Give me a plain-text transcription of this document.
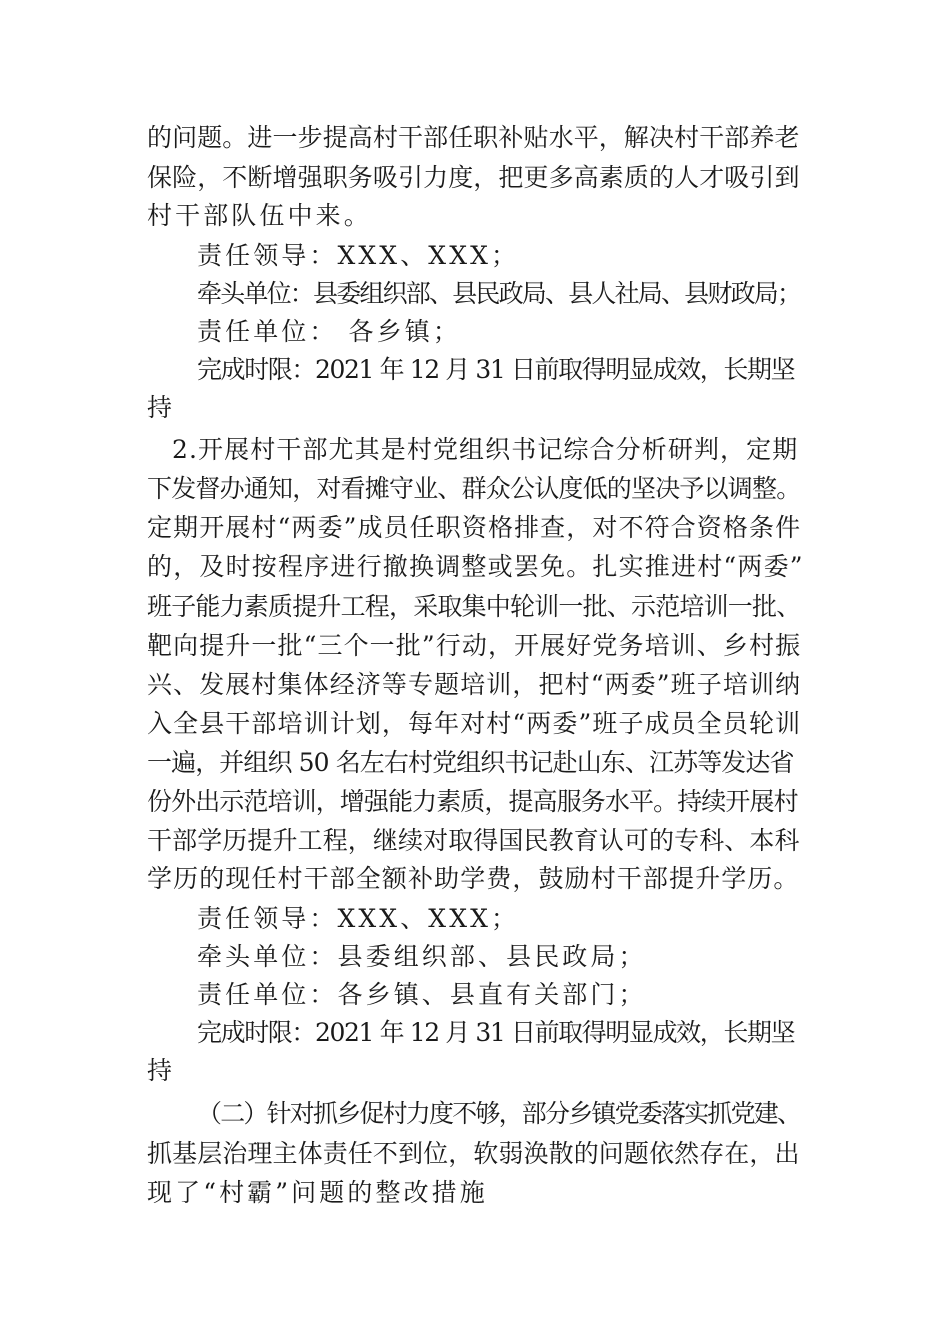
的问题。进一步提高村干部任职补贴水平，解决村干部养老
保险，不断增强职务吸引力度，把更多高素质的人才吸引到
村干部队伍中来。
责任领导：XXX、XXX；
牵头单位：县委组织部、县民政局、县人社局、县财政局；
责任单位： 各乡镇；
完成时限：2021 年 12 月 31 日前取得明显成效，长期坚
持
2.开展村干部尤其是村党组织书记综合分析研判，定期
下发督办通知，对看摊守业、群众公认度低的坚决予以调整。
定期开展村“两委”成员任职资格排查，对不符合资格条件
的，及时按程序进行撤换调整或罢免。扎实推进村“两委”
班子能力素质提升工程，采取集中轮训一批、示范培训一批、
靶向提升一批“三个一批”行动，开展好党务培训、乡村振
兴、发展村集体经济等专题培训，把村“两委”班子培训纳
入全县干部培训计划，每年对村“两委”班子成员全员轮训
一遍，并组织 50 名左右村党组织书记赴山东、江苏等发达省
份外出示范培训，增强能力素质，提高服务水平。持续开展村
干部学历提升工程，继续对取得国民教育认可的专科、本科
学历的现任村干部全额补助学费，鼓励村干部提升学历。
责任领导：XXX、XXX；
牵头单位：县委组织部、县民政局；
责任单位：各乡镇、县直有关部门；
完成时限：2021 年 12 月 31 日前取得明显成效，长期坚
持
（二）针对抓乡促村力度不够，部分乡镇党委落实抓党建、
抓基层治理主体责任不到位，软弱涣散的问题依然存在，出
现了“村霸”问题的整改措施
